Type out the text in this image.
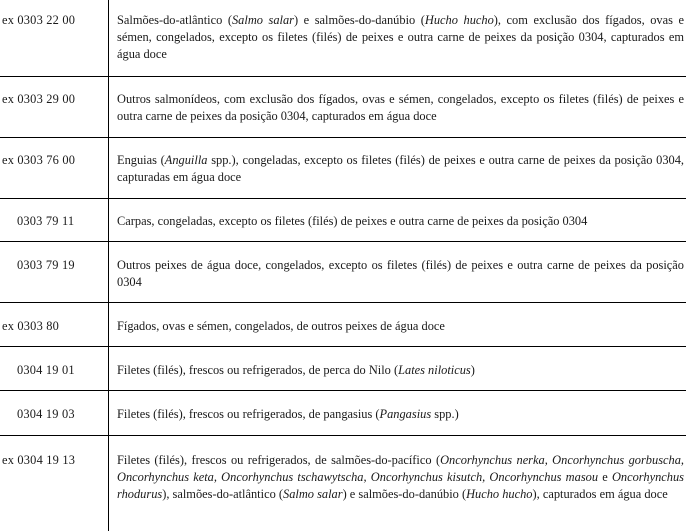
ex 0303 22 00	Salmões-do-atlântico (Salmo salar) e salmões-do-danúbio (Hucho hucho), com exclusão dos fígados, ovas e sémen, congelados, excepto os filetes (filés) de peixes e outra carne de peixes da posição 0304, capturados em água doce
ex 0303 29 00	Outros salmonídeos, com exclusão dos fígados, ovas e sémen, congelados, excepto os filetes (filés) de peixes e outra carne de peixes da posição 0304, capturados em água doce
ex 0303 76 00	Enguias (Anguilla spp.), congeladas, excepto os filetes (filés) de peixes e outra carne de peixes da posição 0304, capturadas em água doce
0303 79 11	Carpas, congeladas, excepto os filetes (filés) de peixes e outra carne de peixes da posição 0304
0303 79 19	Outros peixes de água doce, congelados, excepto os filetes (filés) de peixes e outra carne de peixes da posição 0304
ex 0303 80	Fígados, ovas e sémen, congelados, de outros peixes de água doce
0304 19 01	Filetes (filés), frescos ou refrigerados, de perca do Nilo (Lates niloticus)
0304 19 03	Filetes (filés), frescos ou refrigerados, de pangasius (Pangasius spp.)
ex 0304 19 13	Filetes (filés), frescos ou refrigerados, de salmões-do-pacífico (Oncorhynchus nerka, Oncorhynchus gorbuscha, Oncorhynchus keta, Oncorhynchus tschawytscha, Oncorhynchus kisutch, Oncorhynchus masou e Oncorhynchus rhodurus), salmões-do-atlântico (Salmo salar) e salmões-do-danúbio (Hucho hucho), capturados em água doce
